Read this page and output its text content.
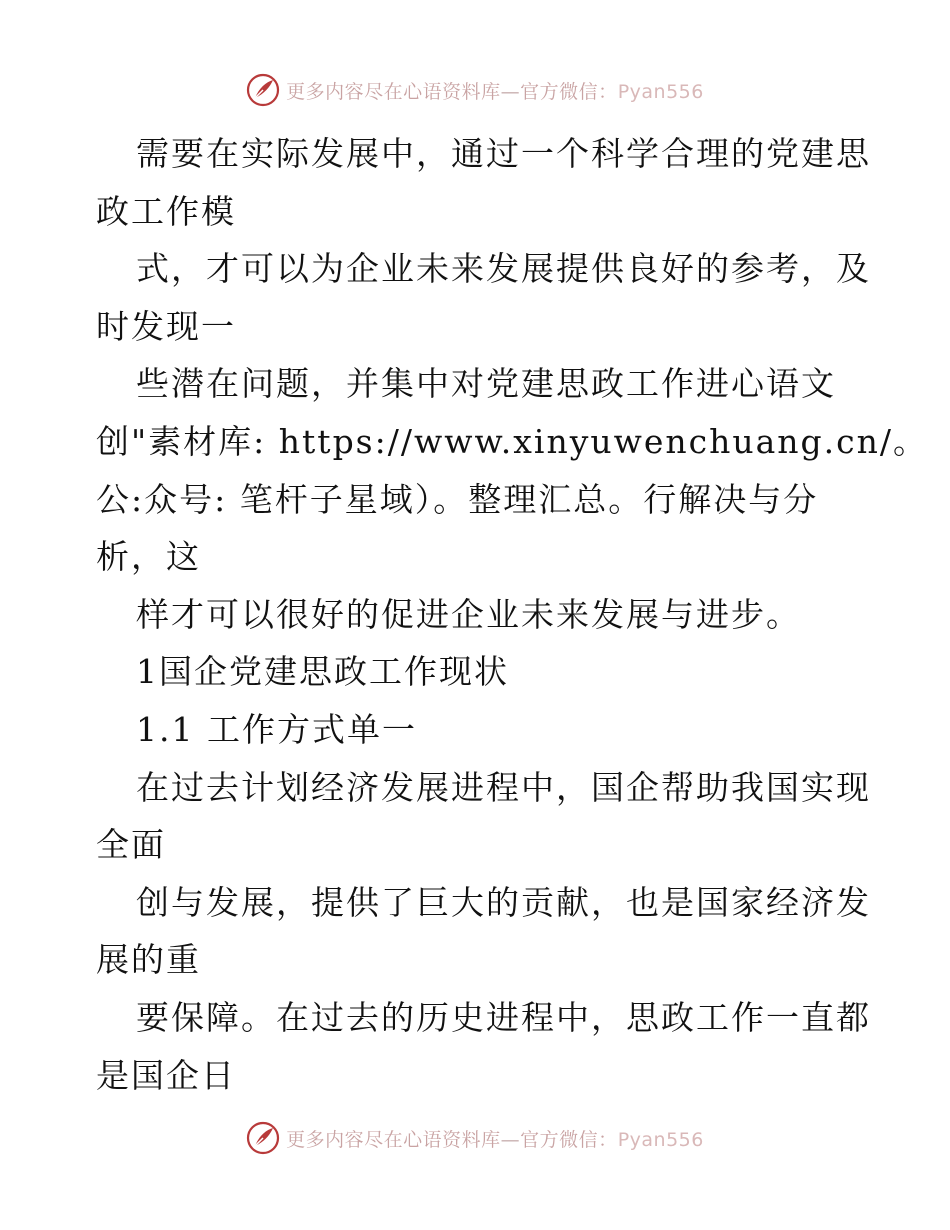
更多内容尽在心语资料库—官方微信：Pyan556
需要在实际发展中，通过一个科学合理的党建思
政工作模
式，才可以为企业未来发展提供良好的参考，及
时发现一
些潜在问题，并集中对党建思政工作进心语文
创"素材库: https://www.xinyuwenchuang.cn/。
公:众号: 笔杆子星域）。整理汇总。行解决与分
析，这
样才可以很好的促进企业未来发展与进步。
1国企党建思政工作现状
1.1 工作方式单一
在过去计划经济发展进程中，国企帮助我国实现
全面
创与发展，提供了巨大的贡献，也是国家经济发
展的重
要保障。在过去的历史进程中，思政工作一直都
是国企日
更多内容尽在心语资料库—官方微信：Pyan556
